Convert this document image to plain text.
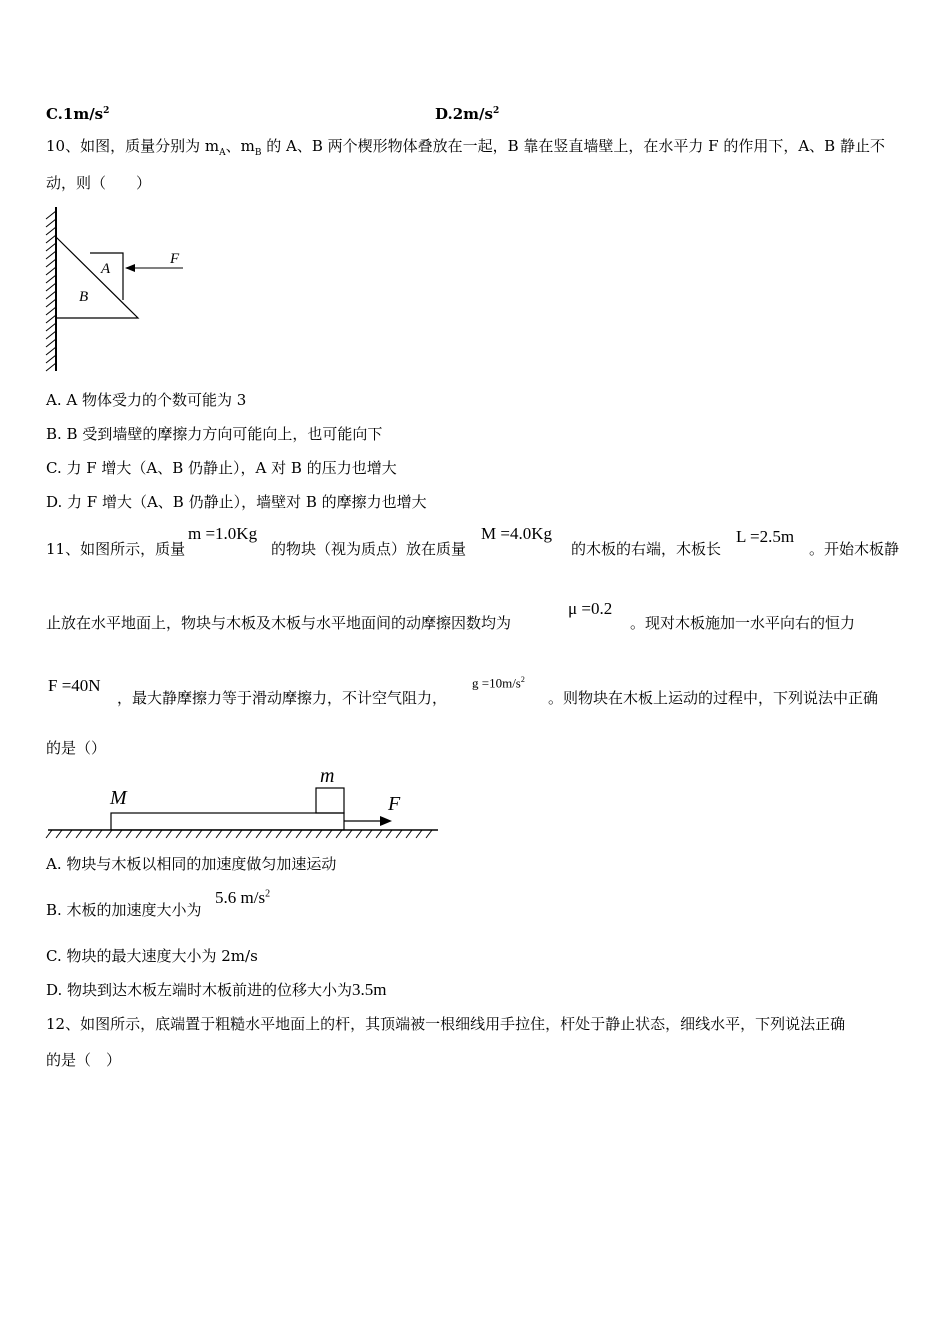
$C.1m/s^2$	$D.2m/s^2$
10、如图，质量分别为 $m_A$、$m_B$ 的 A、B 两个楔形物体叠放在一起，B 靠在竖直墙壁上，在水平力 F 的作用下，A、B 静止不
动，则（　　）
A
B
F
A. A 物体受力的个数可能为 3
B. B 受到墙壁的摩擦力方向可能向上，也可能向下
C. 力 F 增大（A、B 仍静止），A 对 B 的压力也增大
D. 力 F 增大（A、B 仍静止），墙壁对 B 的摩擦力也增大
11、如图所示，质量
m =1.0Kg
的物块（视为质点）放在质量
M =4.0Kg
的木板的右端，木板长
L =2.5m
。开始木板静
止放在水平地面上，物块与木板及木板与水平地面间的动摩擦因数均为
μ =0.2
。现对木板施加一水平向右的恒力
F =40N
，最大静摩擦力等于滑动摩擦力，不计空气阻力，
$g =10m/s^2$
。则物块在木板上运动的过程中，下列说法中正确
的是（）
m
M	F
A. 物块与木板以相同的加速度做匀加速运动
B. 木板的加速度大小为
5.6 $m/s^2$
C. 物块的最大速度大小为 2m/s
D. 物块到达木板左端时木板前进的位移大小为3.5m
12、如图所示，底端置于粗糙水平地面上的杆，其顶端被一根细线用手拉住，杆处于静止状态，细线水平，下列说法正确
的是（　）
